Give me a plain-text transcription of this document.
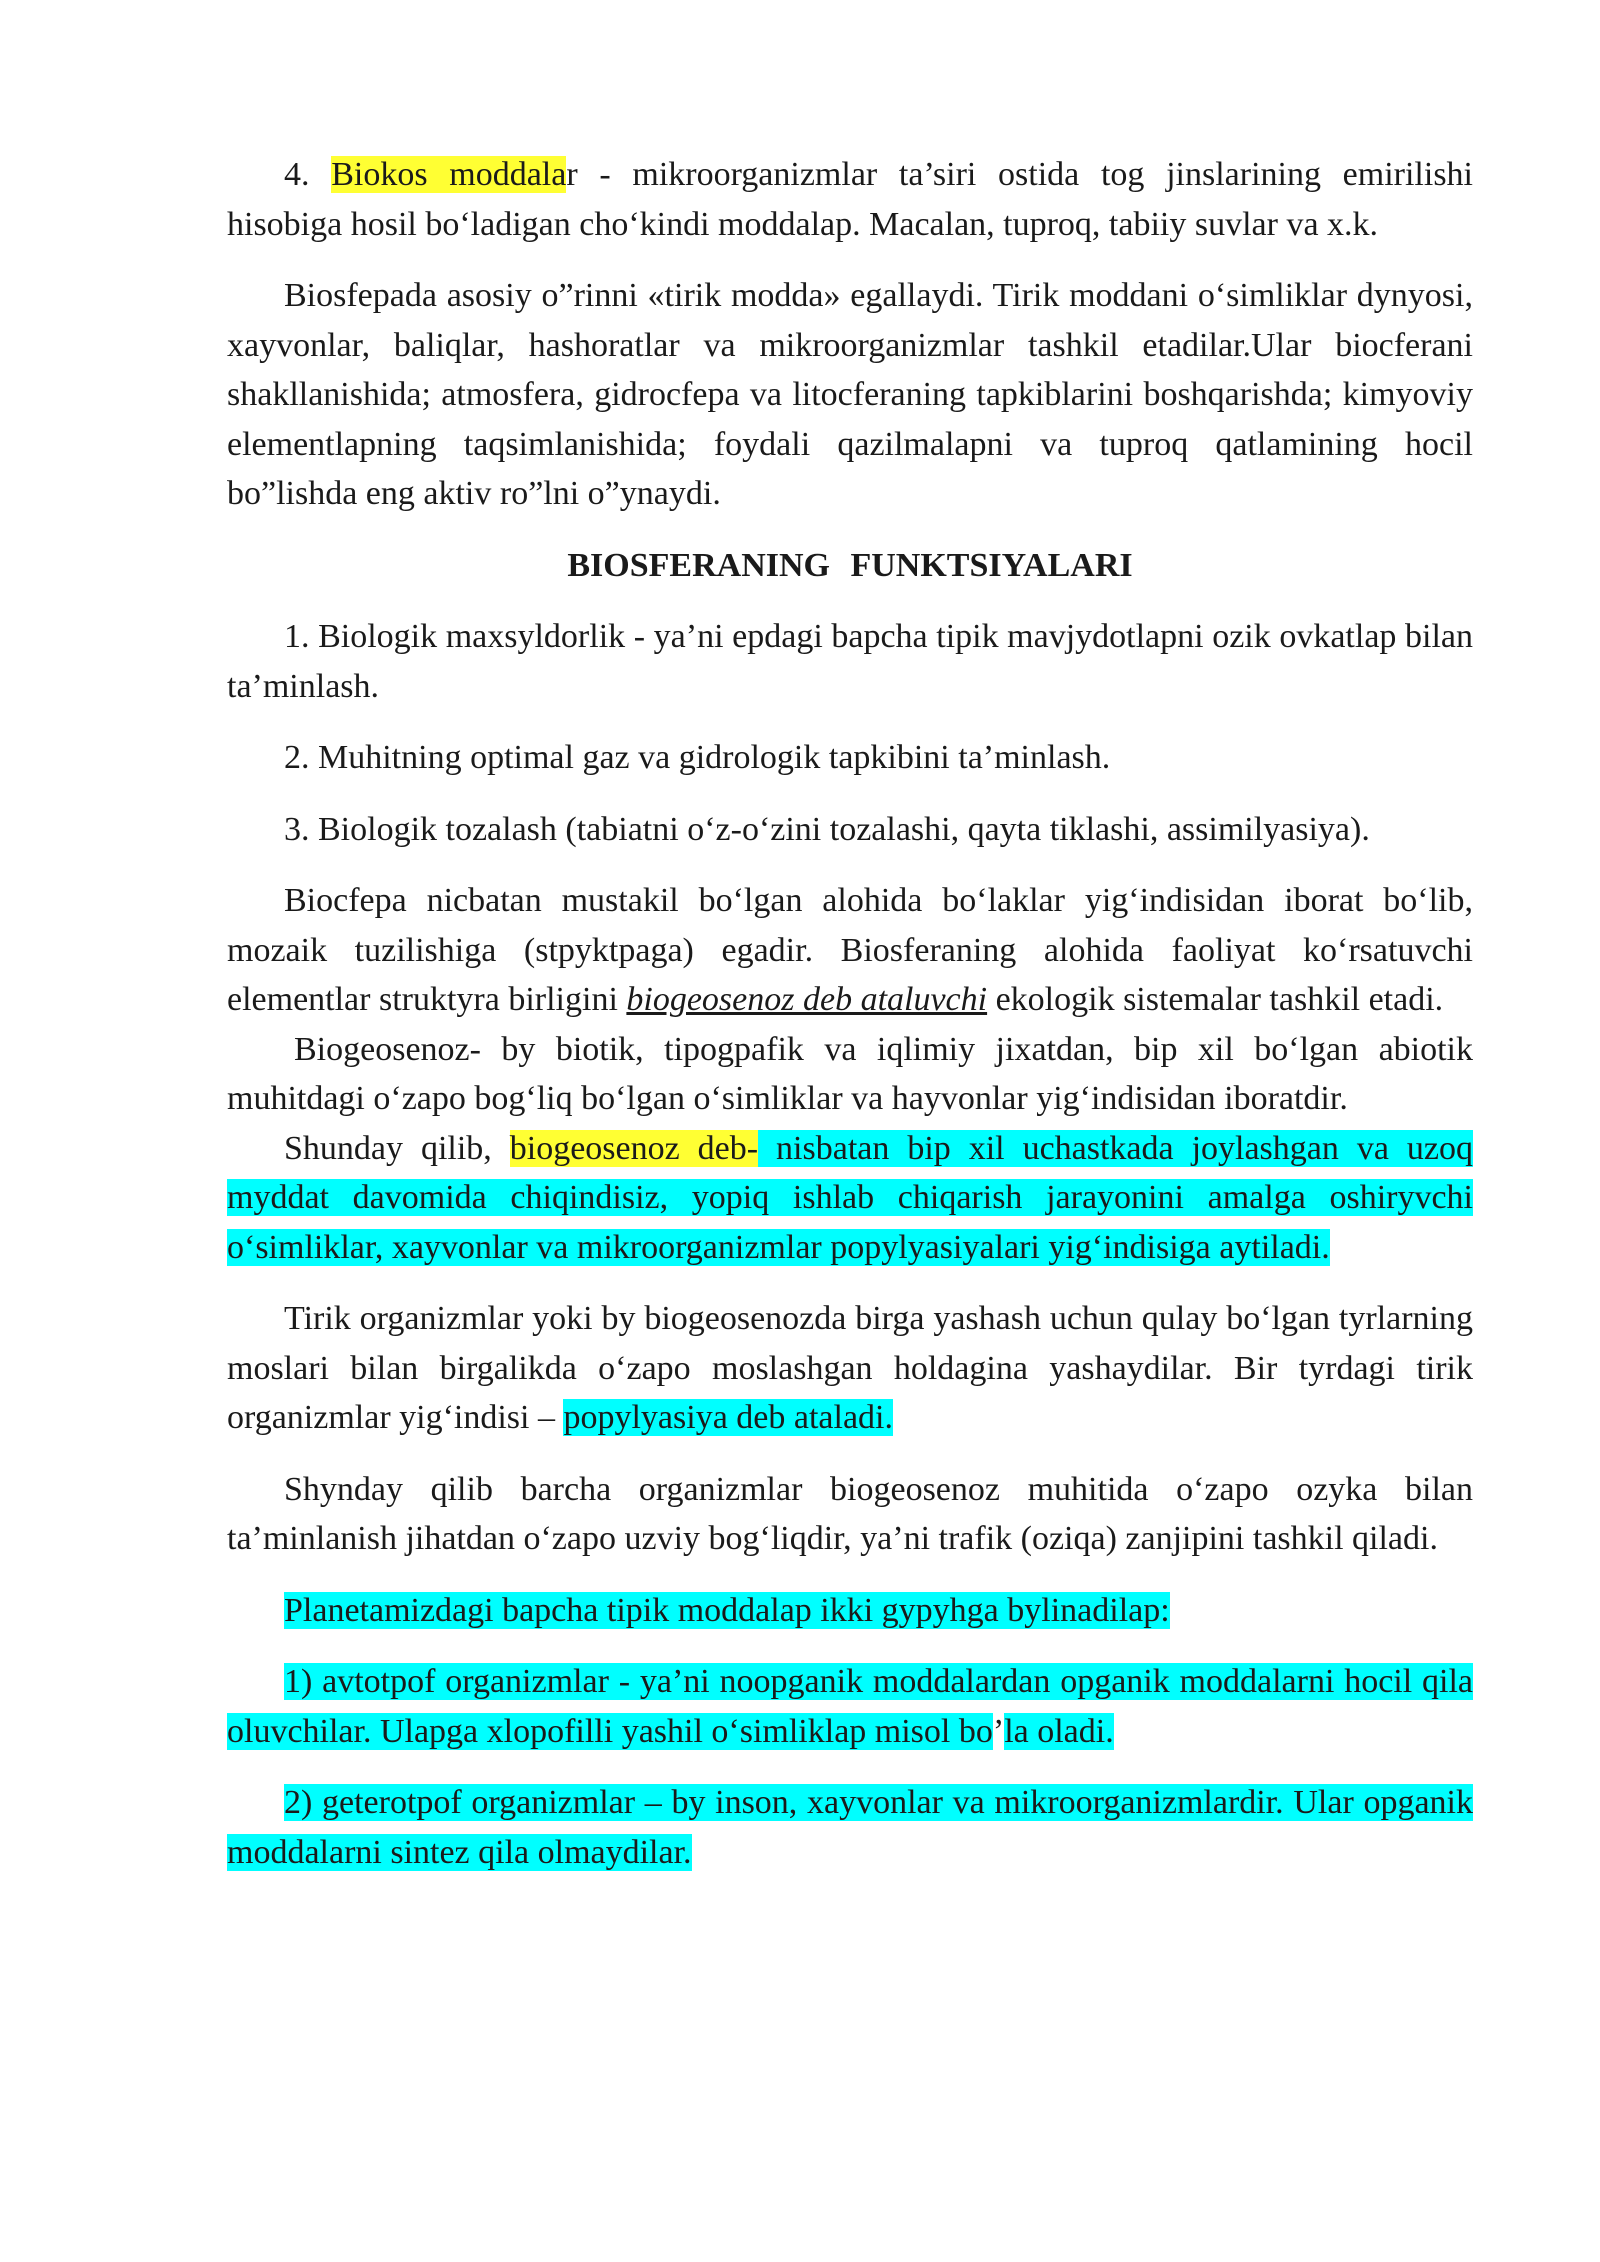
4. Biokos moddalar - mikroorganizmlar ta’siri ostida tog jinslarining emirilishi hisobiga hosil bo‘ladigan cho‘kindi moddalap. Macalan, tuproq, tabiiy suvlar va x.k.

Biosfepada asosiy o”rinni «tirik modda» egallaydi. Tirik moddani o‘simliklar dynyosi, xayvonlar, baliqlar, hashoratlar va mikroorganizmlar tashkil etadilar.Ular biocferani shakllanishida; atmosfera, gidrocfepa va litocferaning tapkiblarini boshqarishda; kimyoviy elementlapning taqsimlanishida; foydali qazilmalapni va tuproq qatlamining hocil bo”lishda eng aktiv ro”lni o”ynaydi.

BIOSFERANING FUNKTSIYALARI

1. Biologik maxsyldorlik - ya’ni epdagi bapcha tipik mavjydotlapni ozik ovkatlap bilan ta’minlash.

2. Muhitning optimal gaz va gidrologik tapkibini ta’minlash.

3. Biologik tozalash (tabiatni o‘z-o‘zini tozalashi, qayta tiklashi, assimilyasiya).

Biocfepa nicbatan mustakil bo‘lgan alohida bo‘laklar yig‘indisidan iborat bo‘lib, mozaik tuzilishiga (stpyktpaga) egadir. Biosferaning alohida faoliyat ko‘rsatuvchi elementlar struktyra birligini biogeosenoz deb ataluvchi ekologik sistemalar tashkil etadi.

Biogeosenoz- by biotik, tipogpafik va iqlimiy jixatdan, bip xil bo‘lgan abiotik muhitdagi o‘zapo bog‘liq bo‘lgan o‘simliklar va hayvonlar yig‘indisidan iboratdir.

Shunday qilib, biogeosenoz deb- nisbatan bip xil uchastkada joylashgan va uzoq myddat davomida chiqindisiz, yopiq ishlab chiqarish jarayonini amalga oshiryvchi o‘simliklar, xayvonlar va mikroorganizmlar popylyasiyalari yig‘indisiga aytiladi.

Tirik organizmlar yoki by biogeosenozda birga yashash uchun qulay bo‘lgan tyrlarning moslari bilan birgalikda o‘zapo moslashgan holdagina yashaydilar. Bir tyrdagi tirik organizmlar yig‘indisi – popylyasiya deb ataladi.

Shynday qilib barcha organizmlar biogeosenoz muhitida o‘zapo ozyka bilan ta’minlanish jihatdan o‘zapo uzviy bog‘liqdir, ya’ni trafik (oziqa) zanjipini tashkil qiladi.

Planetamizdagi bapcha tipik moddalap ikki gypyhga bylinadilap:

1) avtotpof organizmlar - ya’ni noopganik moddalardan opganik moddalarni hocil qila oluvchilar. Ulapga xlopofilli yashil o‘simliklap misol bo’la oladi.

2) geterotpof organizmlar – by inson, xayvonlar va mikroorganizmlardir. Ular opganik moddalarni sintez qila olmaydilar.
